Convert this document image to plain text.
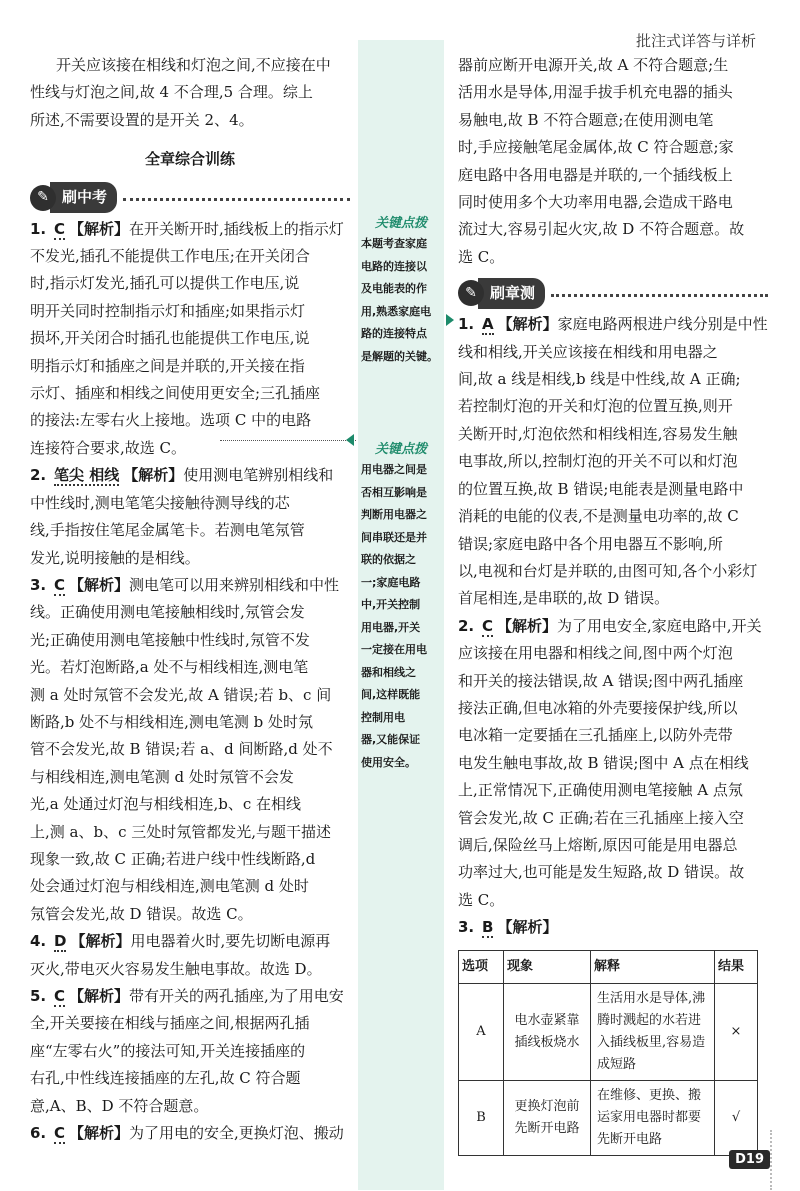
批注式详答与详析

开关应该接在相线和灯泡之间,不应接在中

性线与灯泡之间,故 4 不合理,5 合理。综上

所述,不需要设置的是开关 2、4。

全章综合训练
✎ 刷中考
1. C 【解析】在开关断开时,插线板上的指示灯

不发光,插孔不能提供工作电压;在开关闭合

时,指示灯发光,插孔可以提供工作电压,说

明开关同时控制指示灯和插座;如果指示灯

损坏,开关闭合时插孔也能提供工作电压,说

明指示灯和插座之间是并联的,开关接在指

示灯、插座和相线之间使用更安全;三孔插座

的接法:左零右火上接地。选项 C 中的电路

连接符合要求,故选 C。

2. 笔尖 相线 【解析】使用测电笔辨别相线和

中性线时,测电笔笔尖接触待测导线的芯

线,手指按住笔尾金属笔卡。若测电笔氖管

发光,说明接触的是相线。

3. C 【解析】测电笔可以用来辨别相线和中性

线。正确使用测电笔接触相线时,氖管会发

光;正确使用测电笔接触中性线时,氖管不发

光。若灯泡断路,a 处不与相线相连,测电笔

测 a 处时氖管不会发光,故 A 错误;若 b、c 间

断路,b 处不与相线相连,测电笔测 b 处时氖

管不会发光,故 B 错误;若 a、d 间断路,d 处不

与相线相连,测电笔测 d 处时氖管不会发

光,a 处通过灯泡与相线相连,b、c 在相线

上,测 a、b、c 三处时氖管都发光,与题干描述

现象一致,故 C 正确;若进户线中性线断路,d

处会通过灯泡与相线相连,测电笔测 d 处时

氖管会发光,故 D 错误。故选 C。

4. D 【解析】用电器着火时,要先切断电源再

灭火,带电灭火容易发生触电事故。故选 D。

5. C 【解析】带有开关的两孔插座,为了用电安

全,开关要接在相线与插座之间,根据两孔插

座“左零右火”的接法可知,开关连接插座的

右孔,中性线连接插座的左孔,故 C 符合题

意,A、B、D 不符合题意。

6. C 【解析】为了用电的安全,更换灯泡、搬动

关键点拨
本题考查家庭
电路的连接以
及电能表的作
用,熟悉家庭电
路的连接特点
是解题的关键。
关键点拨
用电器之间是
否相互影响是
判断用电器之
间串联还是并
联的依据之
一;家庭电路
中,开关控制
用电器,开关
一定接在用电
器和相线之
间,这样既能
控制用电
器,又能保证
使用安全。

器前应断开电源开关,故 A 不符合题意;生

活用水是导体,用湿手拔手机充电器的插头

易触电,故 B 不符合题意;在使用测电笔

时,手应接触笔尾金属体,故 C 符合题意;家

庭电路中各用电器是并联的,一个插线板上

同时使用多个大功率用电器,会造成干路电

流过大,容易引起火灾,故 D 不符合题意。故

选 C。

✎ 刷章测
1. A 【解析】家庭电路两根进户线分别是中性

线和相线,开关应该接在相线和用电器之

间,故 a 线是相线,b 线是中性线,故 A 正确;

若控制灯泡的开关和灯泡的位置互换,则开

关断开时,灯泡依然和相线相连,容易发生触

电事故,所以,控制灯泡的开关不可以和灯泡

的位置互换,故 B 错误;电能表是测量电路中

消耗的电能的仪表,不是测量电功率的,故 C

错误;家庭电路中各个用电器互不影响,所

以,电视和台灯是并联的,由图可知,各个小彩灯

首尾相连,是串联的,故 D 错误。

2. C 【解析】为了用电安全,家庭电路中,开关

应该接在用电器和相线之间,图中两个灯泡

和开关的接法错误,故 A 错误;图中两孔插座

接法正确,但电冰箱的外壳要接保护线,所以

电冰箱一定要插在三孔插座上,以防外壳带

电发生触电事故,故 B 错误;图中 A 点在相线

上,正常情况下,正确使用测电笔接触 A 点氖

管会发光,故 C 正确;若在三孔插座上接入空

调后,保险丝马上熔断,原因可能是用电器总

功率过大,也可能是发生短路,故 D 错误。故

选 C。

3. B 【解析】

选项	现象	解释	结果
A	电水壶紧靠插线板烧水	生活用水是导体,沸腾时溅起的水若进入插线板里,容易造成短路	×
B	更换灯泡前先断开电路	在维修、更换、搬运家用电器时都要先断开电路	√
D19
